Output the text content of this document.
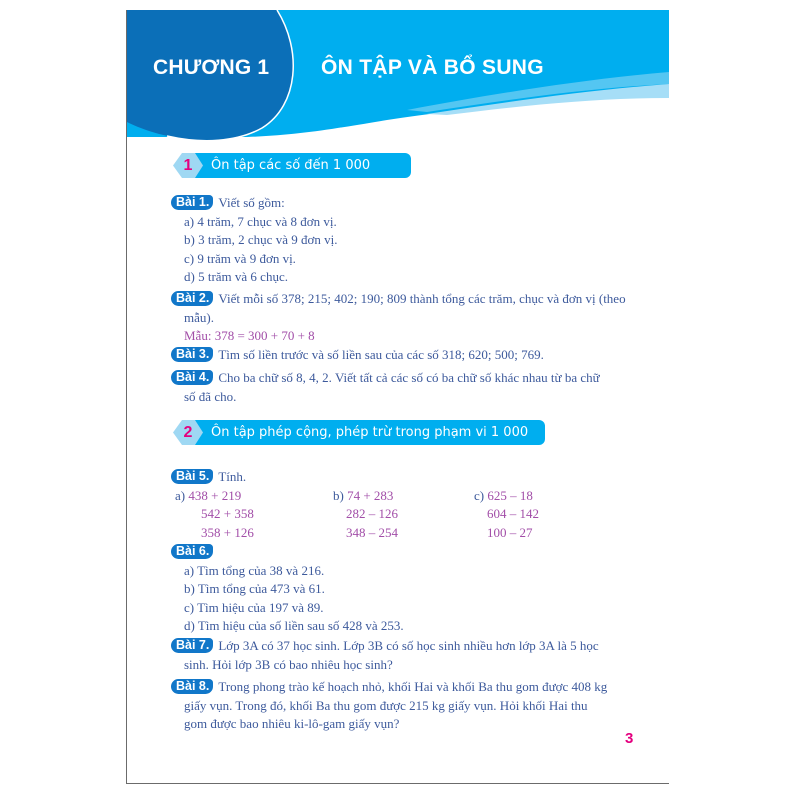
CHƯƠNG 1 ÔN TẬP VÀ BỔ SUNG
Ôn tập các số đến 1 000
1
Bài 1. Viết số gồm:
a) 4 trăm, 7 chục và 8 đơn vị.
b) 3 trăm, 2 chục và 9 đơn vị.
c) 9 trăm và 9 đơn vị.
d) 5 trăm và 6 chục.
Bài 2. Viết mỗi số 378; 215; 402; 190; 809 thành tổng các trăm, chục và đơn vị (theo
mẫu).
Mẫu: 378 = 300 + 70 + 8
Bài 3. Tìm số liền trước và số liền sau của các số 318; 620; 500; 769.
Bài 4. Cho ba chữ số 8, 4, 2. Viết tất cả các số có ba chữ số khác nhau từ ba chữ
số đã cho.
Ôn tập phép cộng, phép trừ trong phạm vi 1 000
2
Bài 5. Tính.
a) 438 + 219
542 + 358
358 + 126
b) 74 + 283
282 – 126
348 – 254
c) 625 – 18
604 – 142
100 – 27
Bài 6.
a) Tìm tổng của 38 và 216.
b) Tìm tổng của 473 và 61.
c) Tìm hiệu của 197 và 89.
d) Tìm hiệu của số liền sau số 428 và 253.
Bài 7. Lớp 3A có 37 học sinh. Lớp 3B có số học sinh nhiều hơn lớp 3A là 5 học
sinh. Hỏi lớp 3B có bao nhiêu học sinh?
Bài 8. Trong phong trào kế hoạch nhỏ, khối Hai và khối Ba thu gom được 408 kg
giấy vụn. Trong đó, khối Ba thu gom được 215 kg giấy vụn. Hỏi khối Hai thu
gom được bao nhiêu ki-lô-gam giấy vụn?
3
